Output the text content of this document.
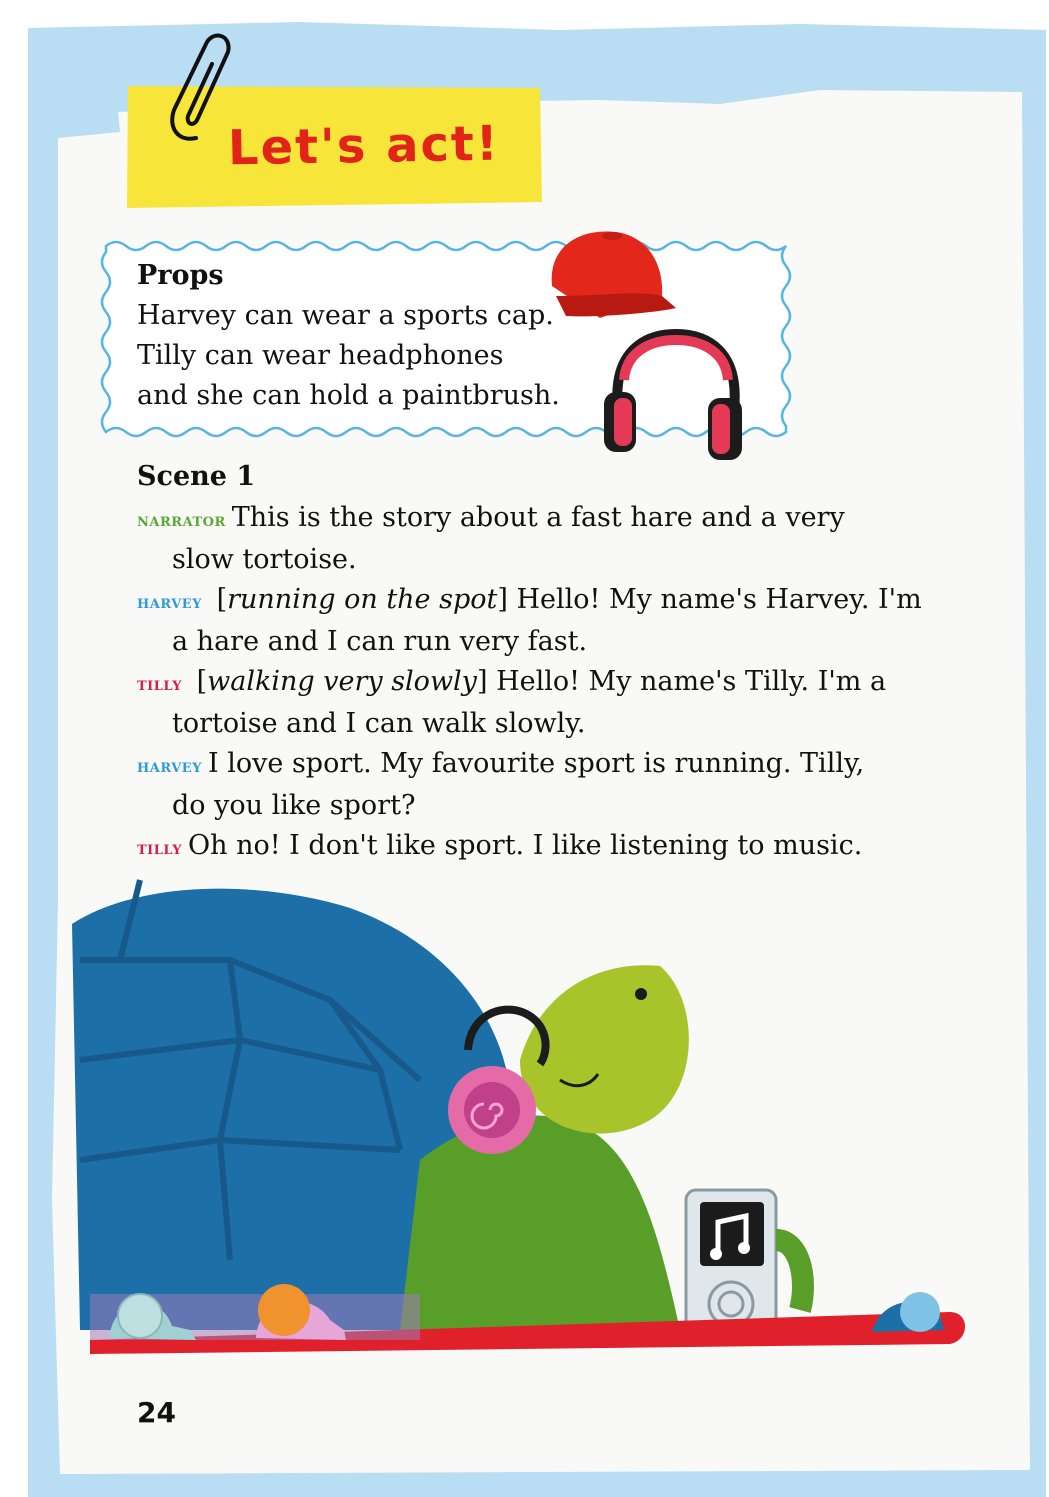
Let's act!
Props
Harvey can wear a sports cap.
Tilly can wear headphones
and she can hold a paintbrush.
Scene 1
narrator This is the story about a fast hare and a very
slow tortoise.
harvey [running on the spot] Hello! My name's Harvey. I'm
a hare and I can run very fast.
tilly [walking very slowly] Hello! My name's Tilly. I'm a
tortoise and I can walk slowly.
harvey I love sport. My favourite sport is running. Tilly,
do you like sport?
tilly Oh no! I don't like sport. I like listening to music.
24
